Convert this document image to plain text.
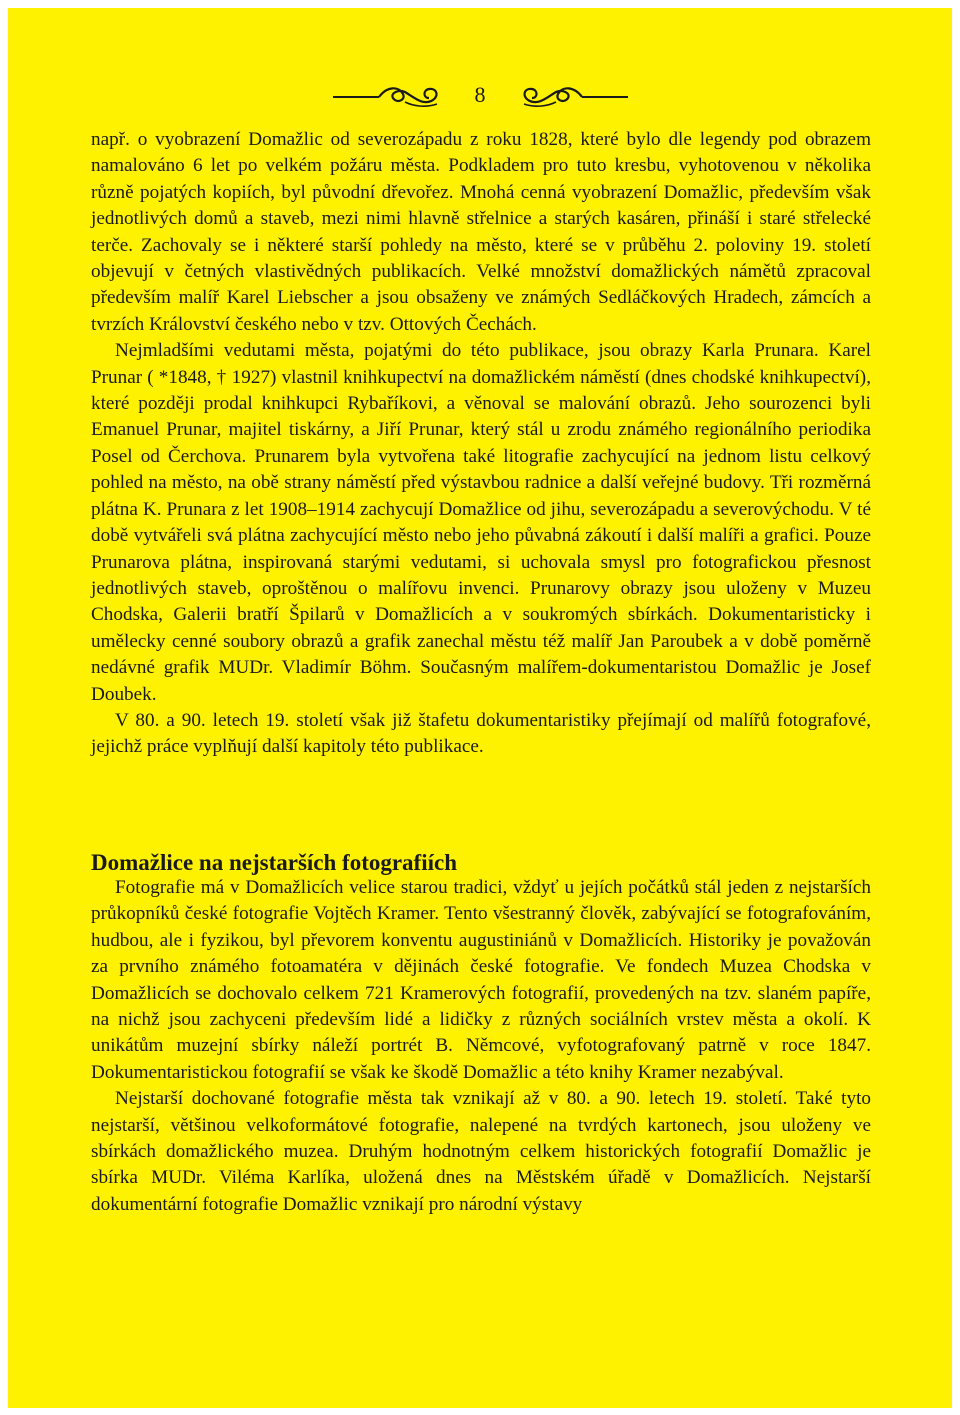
8

např. o vyobrazení Domažlic od severozápadu z roku 1828, které bylo dle legendy pod obrazem namalováno 6 let po velkém požáru města. Podkladem pro tuto kresbu, vyhotovenou v několika různě pojatých kopiích, byl původní dřevořez. Mnohá cenná vyobrazení Domažlic, především však jednotlivých domů a staveb, mezi nimi hlavně střelnice a starých kasáren, přináší i staré střelecké terče. Zachovaly se i některé starší pohledy na město, které se v průběhu 2. poloviny 19. století objevují v četných vlastivědných publikacích. Velké množství domažlických námětů zpracoval především malíř Karel Liebscher a jsou obsaženy ve známých Sedláčkových Hradech, zámcích a tvrzích Království českého nebo v tzv. Ottových Čechách.

Nejmladšími vedutami města, pojatými do této publikace, jsou obrazy Karla Prunara. Karel Prunar ( *1848, † 1927) vlastnil knihkupectví na domažlickém náměstí (dnes chodské knihkupectví), které později prodal knihkupci Rybaříkovi, a věnoval se malování obrazů. Jeho sourozenci byli Emanuel Prunar, majitel tiskárny, a Jiří Prunar, který stál u zrodu známého regionálního periodika Posel od Čerchova. Prunarem byla vytvořena také litografie zachycující na jednom listu celkový pohled na město, na obě strany náměstí před výstavbou radnice a další veřejné budovy. Tři rozměrná plátna K. Prunara z let 1908–1914 zachycují Domažlice od jihu, severozápadu a severovýchodu. V té době vytvářeli svá plátna zachycující město nebo jeho půvabná zákoutí i další malíři a grafici. Pouze Prunarova plátna, inspirovaná starými vedutami, si uchovala smysl pro fotografickou přesnost jednotlivých staveb, oproštěnou o malířovu invenci. Prunarovy obrazy jsou uloženy v Muzeu Chodska, Galerii bratří Špilarů v Domažlicích a v soukromých sbírkách. Dokumentaristicky i umělecky cenné soubory obrazů a grafik zanechal městu též malíř Jan Paroubek a v době poměrně nedávné grafik MUDr. Vladimír Böhm. Současným malířem-dokumentaristou Domažlic je Josef Doubek.

V 80. a 90. letech 19. století však již štafetu dokumentaristiky přejímají od malířů fotografové, jejichž práce vyplňují další kapitoly této publikace.

Domažlice na nejstarších fotografiích

Fotografie má v Domažlicích velice starou tradici, vždyť u jejích počátků stál jeden z nejstarších průkopníků české fotografie Vojtěch Kramer. Tento všestranný člověk, zabývající se fotografováním, hudbou, ale i fyzikou, byl převorem konventu augustiniánů v Domažlicích. Historiky je považován za prvního známého fotoamatéra v dějinách české fotografie. Ve fondech Muzea Chodska v Domažlicích se dochovalo celkem 721 Kramerových fotografií, provedených na tzv. slaném papíře, na nichž jsou zachyceni především lidé a lidičky z různých sociálních vrstev města a okolí. K unikátům muzejní sbírky náleží portrét B. Němcové, vyfotografovaný patrně v roce 1847. Dokumentaristickou fotografií se však ke škodě Domažlic a této knihy Kramer nezabýval.

Nejstarší dochované fotografie města tak vznikají až v 80. a 90. letech 19. století. Také tyto nejstarší, většinou velkoformátové fotografie, nalepené na tvrdých kartonech, jsou uloženy ve sbírkách domažlického muzea. Druhým hodnotným celkem historických fotografií Domažlic je sbírka MUDr. Viléma Karlíka, uložená dnes na Městském úřadě v Domažlicích. Nejstarší dokumentární fotografie Domažlic vznikají pro národní výstavy
